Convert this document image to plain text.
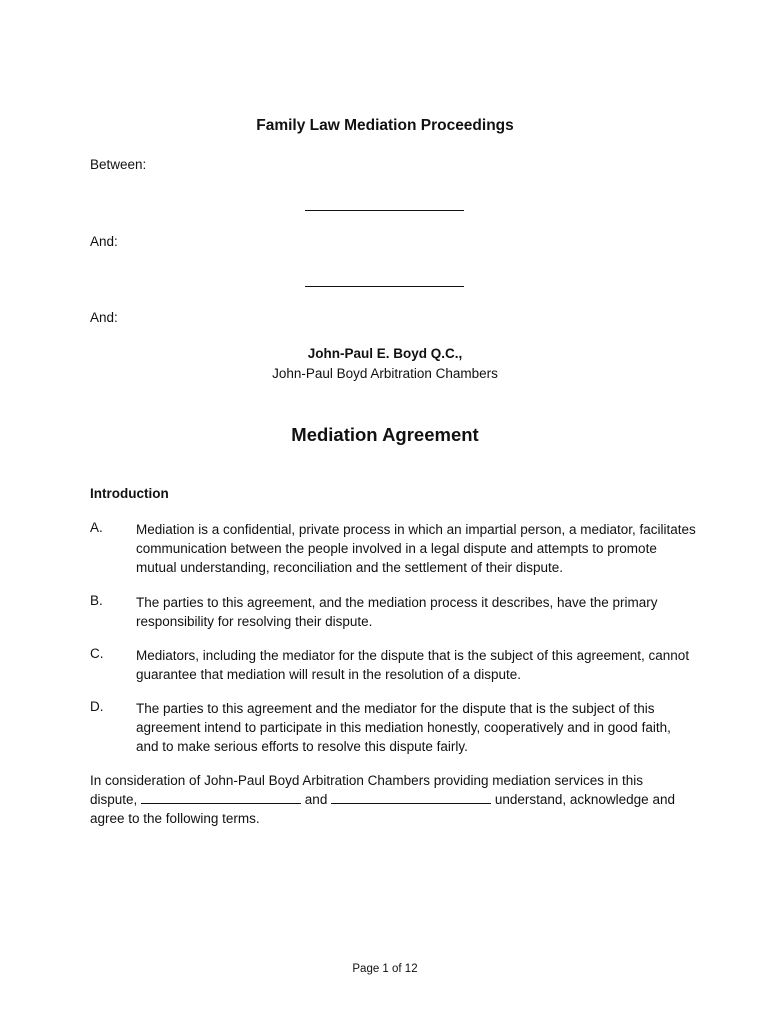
Family Law Mediation Proceedings
Between:
And:
And:
John-Paul E. Boyd Q.C.,
John-Paul Boyd Arbitration Chambers
Mediation Agreement
Introduction
A. Mediation is a confidential, private process in which an impartial person, a mediator, facilitates communication between the people involved in a legal dispute and attempts to promote mutual understanding, reconciliation and the settlement of their dispute.
B. The parties to this agreement, and the mediation process it describes, have the primary responsibility for resolving their dispute.
C. Mediators, including the mediator for the dispute that is the subject of this agreement, cannot guarantee that mediation will result in the resolution of a dispute.
D. The parties to this agreement and the mediator for the dispute that is the subject of this agreement intend to participate in this mediation honestly, cooperatively and in good faith, and to make serious efforts to resolve this dispute fairly.
In consideration of John-Paul Boyd Arbitration Chambers providing mediation services in this dispute,	and	understand, acknowledge and agree to the following terms.
Page 1 of 12
